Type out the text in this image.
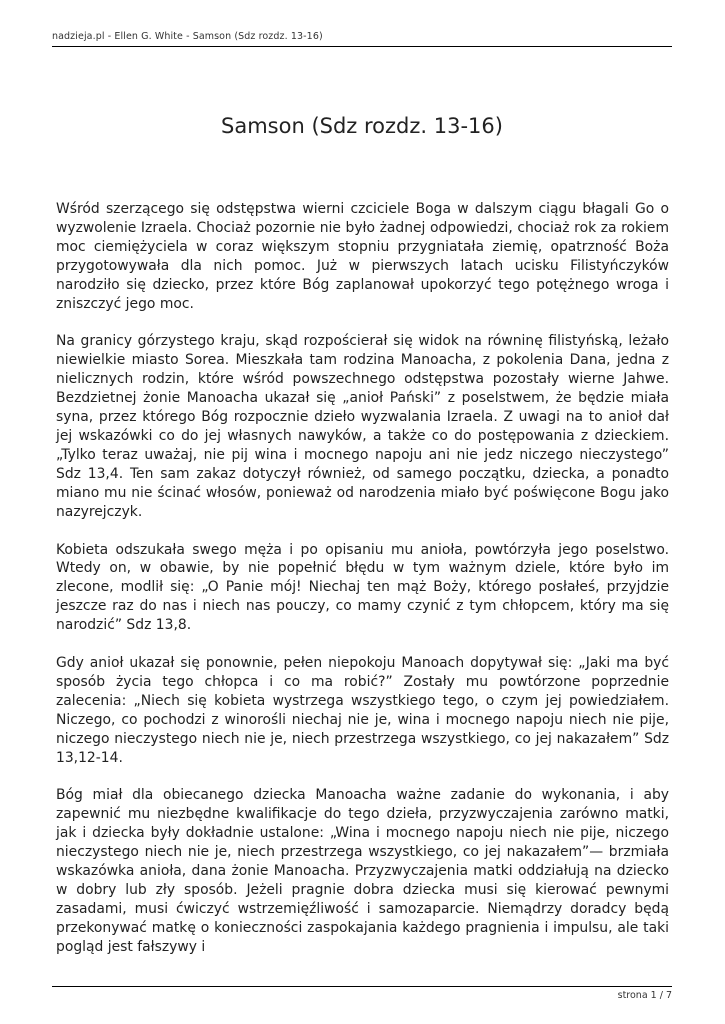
nadzieja.pl - Ellen G. White - Samson (Sdz rozdz. 13-16)
Samson (Sdz rozdz. 13-16)

Wśród szerzącego się odstępstwa wierni czciciele Boga w dalszym ciągu błagali Go o wyzwolenie Izraela. Chociaż pozornie nie było żadnej odpowiedzi, chociaż rok za rokiem moc ciemiężyciela w coraz większym stopniu przygniatała ziemię, opatrzność Boża przygotowywała dla nich pomoc. Już w pierwszych latach ucisku Filistyńczyków narodziło się dziecko, przez które Bóg zaplanował upokorzyć tego potężnego wroga i zniszczyć jego moc.

Na granicy górzystego kraju, skąd rozpościerał się widok na równinę filistyńską, leżało niewielkie miasto Sorea. Mieszkała tam rodzina Manoacha, z pokolenia Dana, jedna z nielicznych rodzin, które wśród powszechnego odstępstwa pozostały wierne Jahwe. Bezdzietnej żonie Manoacha ukazał się „anioł Pański” z poselstwem, że będzie miała syna, przez którego Bóg rozpocznie dzieło wyzwalania Izraela. Z uwagi na to anioł dał jej wskazówki co do jej własnych nawyków, a także co do postępowania z dzieckiem. „Tylko teraz uważaj, nie pij wina i mocnego napoju ani nie jedz niczego nieczystego” Sdz 13,4. Ten sam zakaz dotyczył również, od samego początku, dziecka, a ponadto miano mu nie ścinać włosów, ponieważ od narodzenia miało być poświęcone Bogu jako nazyrejczyk.

Kobieta odszukała swego męża i po opisaniu mu anioła, powtórzyła jego poselstwo. Wtedy on, w obawie, by nie popełnić błędu w tym ważnym dziele, które było im zlecone, modlił się: „O Panie mój! Niechaj ten mąż Boży, którego posłałeś, przyjdzie jeszcze raz do nas i niech nas pouczy, co mamy czynić z tym chłopcem, który ma się narodzić” Sdz 13,8.

Gdy anioł ukazał się ponownie, pełen niepokoju Manoach dopytywał się: „Jaki ma być sposób życia tego chłopca i co ma robić?” Zostały mu powtórzone poprzednie zalecenia: „Niech się kobieta wystrzega wszystkiego tego, o czym jej powiedziałem. Niczego, co pochodzi z winorośli niechaj nie je, wina i mocnego napoju niech nie pije, niczego nieczystego niech nie je, niech przestrzega wszystkiego, co jej nakazałem” Sdz 13,12-14.

Bóg miał dla obiecanego dziecka Manoacha ważne zadanie do wykonania, i aby zapewnić mu niezbędne kwalifikacje do tego dzieła, przyzwyczajenia zarówno matki, jak i dziecka były dokładnie ustalone: „Wina i mocnego napoju niech nie pije, niczego nieczystego niech nie je, niech przestrzega wszystkiego, co jej nakazałem”— brzmiała wskazówka anioła, dana żonie Manoacha. Przyzwyczajenia matki oddziałują na dziecko w dobry lub zły sposób. Jeżeli pragnie dobra dziecka musi się kierować pewnymi zasadami, musi ćwiczyć wstrzemięźliwość i samozaparcie. Niemądrzy doradcy będą przekonywać matkę o konieczności zaspokajania każdego pragnienia i impulsu, ale taki pogląd jest fałszywy i

strona 1 / 7
